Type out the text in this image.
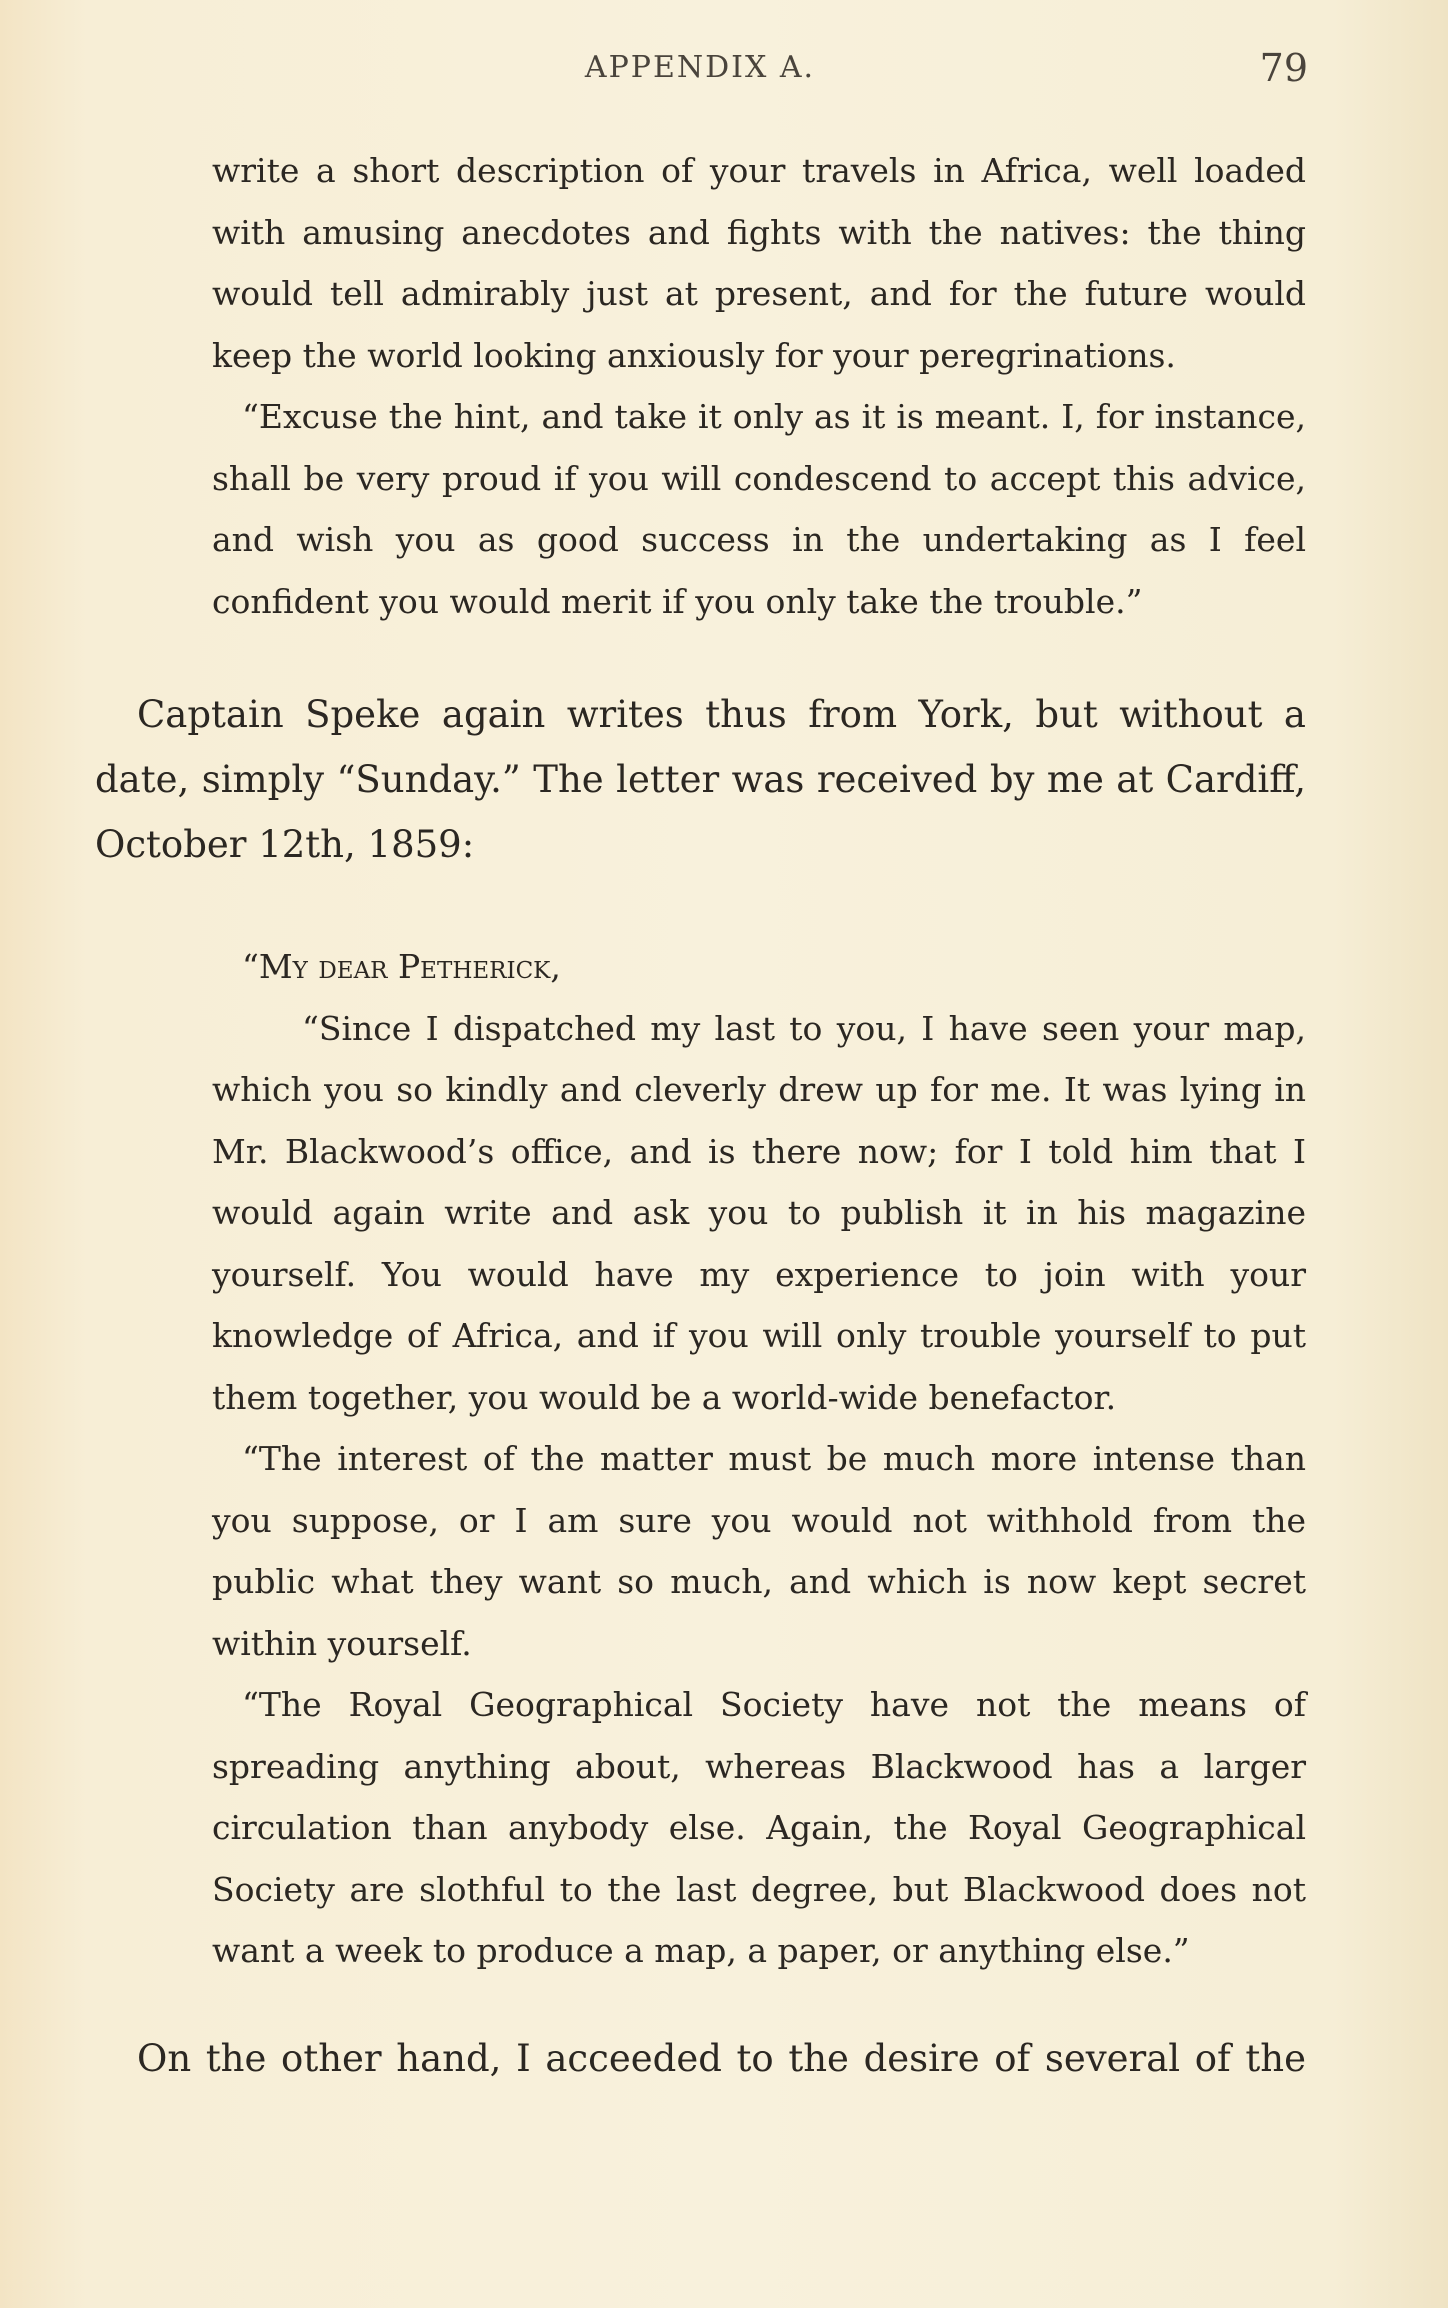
APPENDIX A.	79

write a short description of your travels in Africa, well loaded with amusing anecdotes and fights with the natives: the thing would tell admirably just at present, and for the future would keep the world looking anxiously for your peregrinations.

“Excuse the hint, and take it only as it is meant. I, for instance, shall be very proud if you will condescend to accept this advice, and wish you as good success in the undertaking as I feel confident you would merit if you only take the trouble.”

Captain Speke again writes thus from York, but without a date, simply “Sunday.” The letter was received by me at Cardiff, October 12th, 1859:

“My dear Petherick,

“Since I dispatched my last to you, I have seen your map, which you so kindly and cleverly drew up for me. It was lying in Mr. Blackwood’s office, and is there now; for I told him that I would again write and ask you to publish it in his magazine yourself. You would have my experience to join with your knowledge of Africa, and if you will only trouble yourself to put them together, you would be a world-wide benefactor.

“The interest of the matter must be much more intense than you suppose, or I am sure you would not withhold from the public what they want so much, and which is now kept secret within yourself.

“The Royal Geographical Society have not the means of spreading anything about, whereas Blackwood has a larger circulation than anybody else. Again, the Royal Geographical Society are slothful to the last degree, but Blackwood does not want a week to produce a map, a paper, or anything else.”

On the other hand, I acceeded to the desire of several of the
